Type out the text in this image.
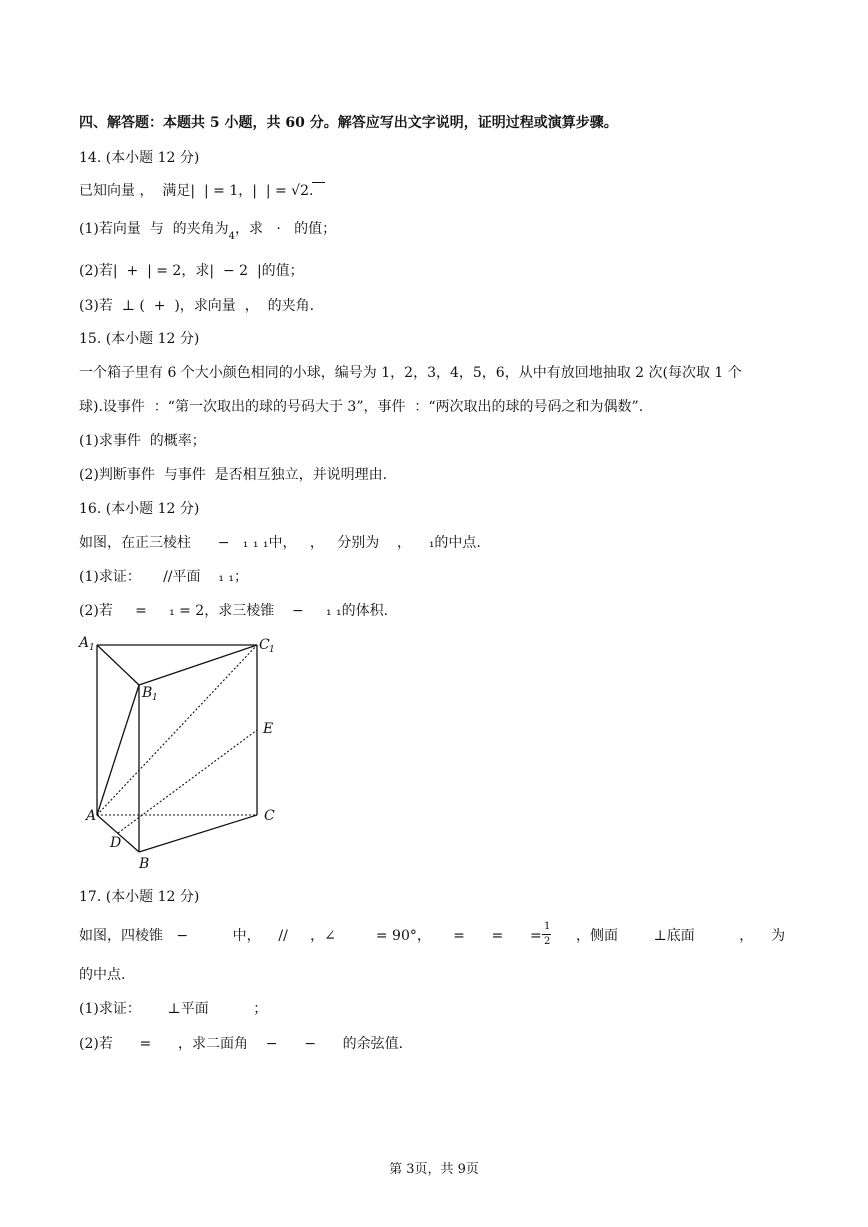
四、解答题：本题共 5 小题，共 60 分。解答应写出文字说明，证明过程或演算步骤。
14. (本小题 12 分)
已知向量 ，  满足|  | = 1，|  | = √2.
(1)若向量  与  的夹角为$_4$，求   ·   的值；
(2)若|  +  | = 2，求|  − 2  |的值；
(3)若  ⊥ (  +  )，求向量  ，  的夹角.
15. (本小题 12 分)
一个箱子里有 6 个大小颜色相同的小球，编号为 1，2，3，4，5，6，从中有放回地抽取 2 次(每次取 1 个
球).设事件  ：“第一次取出的球的号码大于 3”，事件  ：“两次取出的球的号码之和为偶数”.
(1)求事件  的概率；
(2)判断事件  与事件  是否相互独立，并说明理由.
16. (本小题 12 分)
如图，在正三棱柱      −   ₁ ₁ ₁中，   ，   分别为    ，    ₁的中点.
(1)求证：     //平面    ₁ ₁；
(2)若     =     ₁ = 2，求三棱锥    −     ₁ ₁的体积.
A 1	C 1
B 1
E
A	C
D
B
17. (本小题 12 分)
如图，四棱锥   −          中，    //     ，∠         = 90°，     =      =      =
1
2 ，侧面        ⊥底面          ，    为
的中点.
(1)求证：      ⊥平面          ；
(2)若      =      ，求二面角    −      −      的余弦值.
第 3页，共 9页
